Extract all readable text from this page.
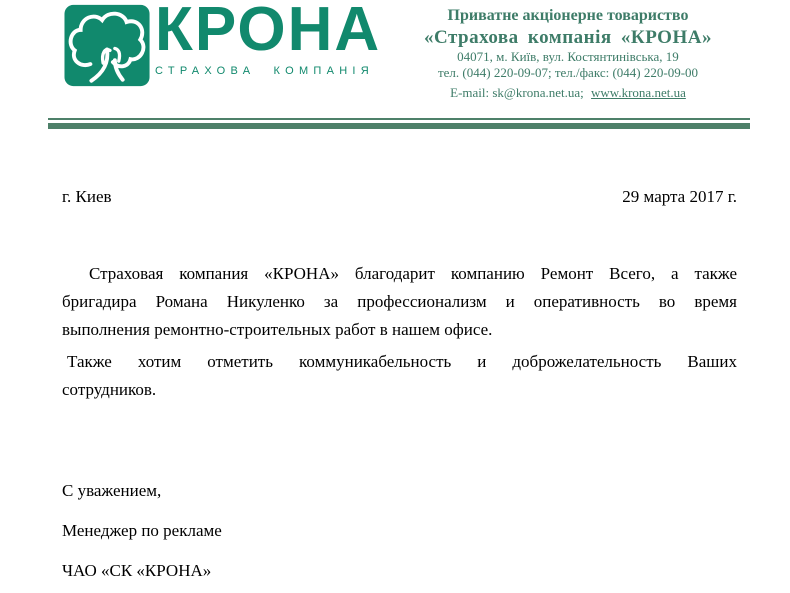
КРОНА
СТРАХОВА КОМПАНІЯ
Приватне акціонерне товариство
«Страхова компанія «КРОНА»
04071, м. Київ, вул. Костянтинівська, 19
тел. (044) 220-09-07; тел./факс: (044) 220-09-00
E-mail: sk@krona.net.ua; www.krona.net.ua
г. Киев	29 марта 2017 г.

Страховая компания «КРОНА» благодарит компанию Ремонт Всего, а также
бригадира Романа Никуленко за профессионализм и оперативность во время
выполнения ремонтно-строительных работ в нашем офисе.

Также хотим отметить коммуникабельность и доброжелательность Ваших
сотрудников.

С уважением,

Менеджер по рекламе

ЧАО «СК «КРОНА»
